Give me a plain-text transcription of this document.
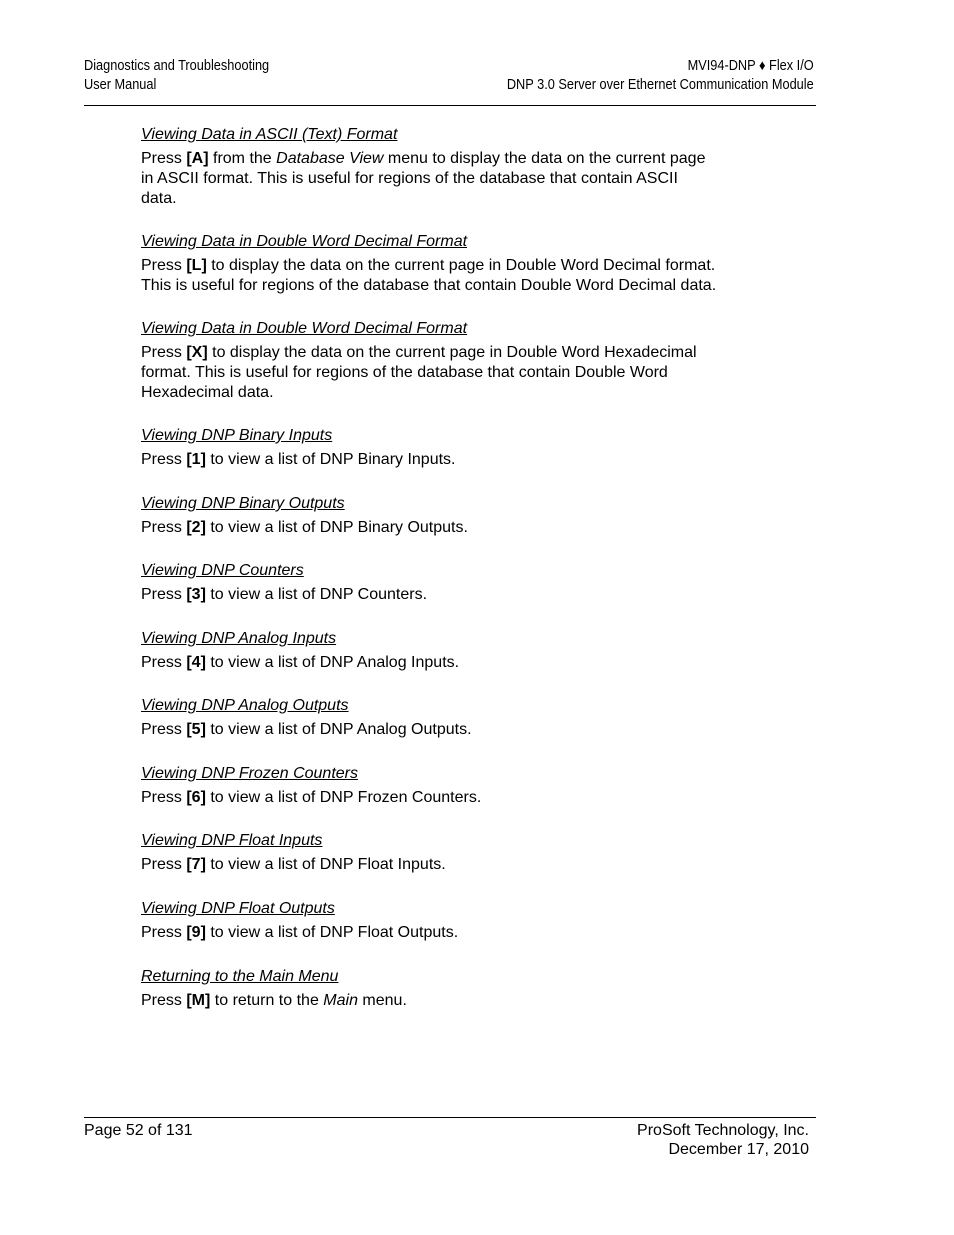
Diagnostics and Troubleshooting
User Manual
MVI94-DNP ♦ Flex I/O
DNP 3.0 Server over Ethernet Communication Module
Viewing Data in ASCII (Text) Format
Press [A] from the Database View menu to display the data on the current page
in ASCII format. This is useful for regions of the database that contain ASCII
data.
Viewing Data in Double Word Decimal Format
Press [L] to display the data on the current page in Double Word Decimal format.
This is useful for regions of the database that contain Double Word Decimal data.
Viewing Data in Double Word Decimal Format
Press [X] to display the data on the current page in Double Word Hexadecimal
format. This is useful for regions of the database that contain Double Word
Hexadecimal data.
Viewing DNP Binary Inputs
Press [1] to view a list of DNP Binary Inputs.
Viewing DNP Binary Outputs
Press [2] to view a list of DNP Binary Outputs.
Viewing DNP Counters
Press [3] to view a list of DNP Counters.
Viewing DNP Analog Inputs
Press [4] to view a list of DNP Analog Inputs.
Viewing DNP Analog Outputs
Press [5] to view a list of DNP Analog Outputs.
Viewing DNP Frozen Counters
Press [6] to view a list of DNP Frozen Counters.
Viewing DNP Float Inputs
Press [7] to view a list of DNP Float Inputs.
Viewing DNP Float Outputs
Press [9] to view a list of DNP Float Outputs.
Returning to the Main Menu
Press [M] to return to the Main menu.
Page 52 of 131	ProSoft Technology, Inc.
December 17, 2010
